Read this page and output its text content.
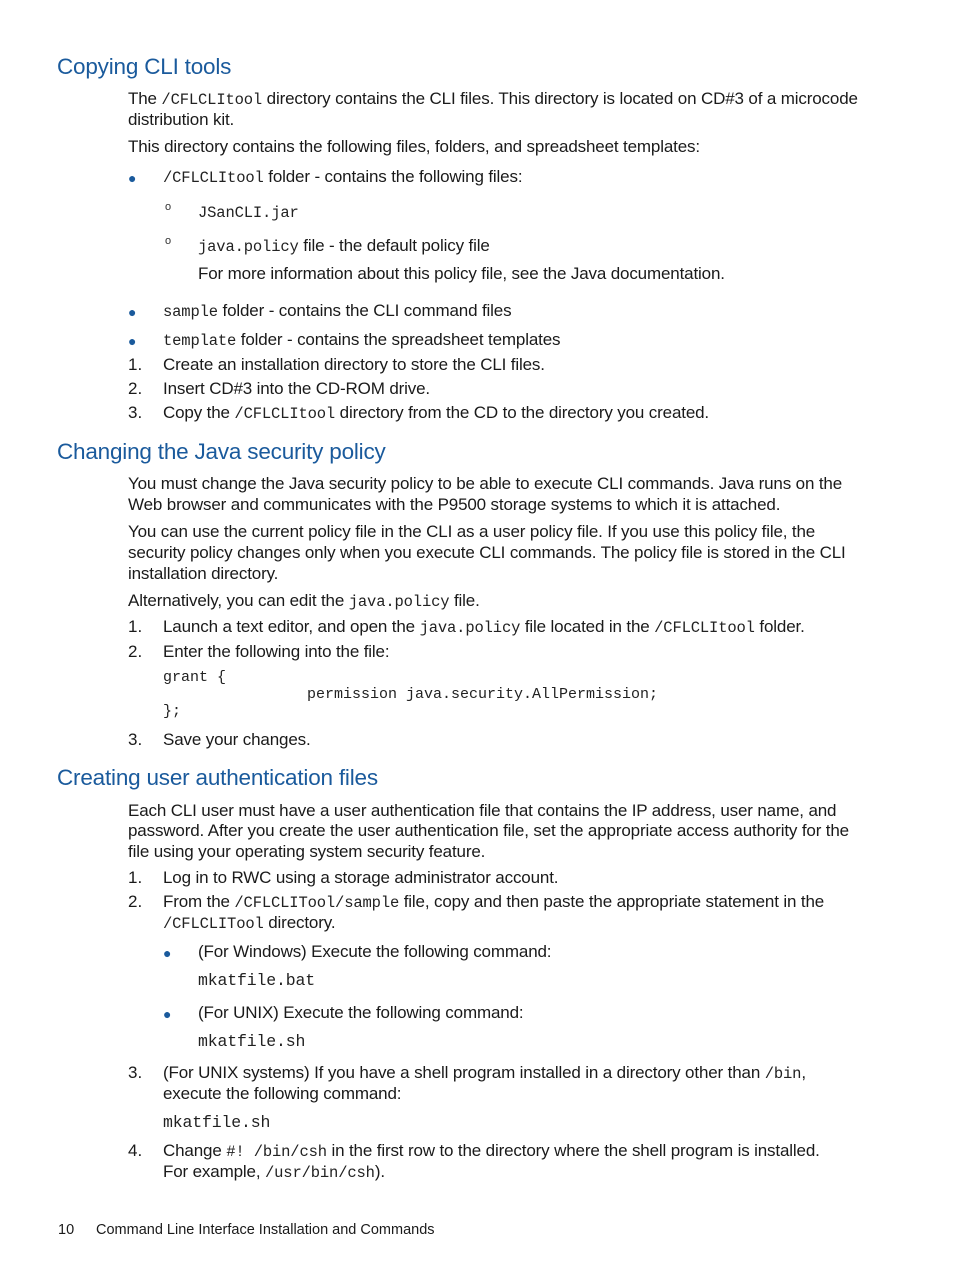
Copying CLI tools

The /CFLCLItool directory contains the CLI files. This directory is located on CD#3 of a microcode

distribution kit.

This directory contains the following files, folders, and spreadsheet templates:

● /CFLCLItool folder - contains the following files:

o JSanCLI.jar

o java.policy file - the default policy file

For more information about this policy file, see the Java documentation.

● sample folder - contains the CLI command files

● template folder - contains the spreadsheet templates

1. Create an installation directory to store the CLI files.

2. Insert CD#3 into the CD-ROM drive.

3. Copy the /CFLCLItool directory from the CD to the directory you created.

Changing the Java security policy

You must change the Java security policy to be able to execute CLI commands. Java runs on the

Web browser and communicates with the P9500 storage systems to which it is attached.

You can use the current policy file in the CLI as a user policy file. If you use this policy file, the

security policy changes only when you execute CLI commands. The policy file is stored in the CLI

installation directory.

Alternatively, you can edit the java.policy file.

1. Launch a text editor, and open the java.policy file located in the /CFLCLItool folder.

2. Enter the following into the file:

grant {
permission java.security.AllPermission;
};
3. Save your changes.

Creating user authentication files

Each CLI user must have a user authentication file that contains the IP address, user name, and

password. After you create the user authentication file, set the appropriate access authority for the

file using your operating system security feature.

1. Log in to RWC using a storage administrator account.

2. From the /CFLCLITool/sample file, copy and then paste the appropriate statement in the

/CFLCLITool directory.

● (For Windows) Execute the following command:

mkatfile.bat

● (For UNIX) Execute the following command:

mkatfile.sh

3. (For UNIX systems) If you have a shell program installed in a directory other than /bin,

execute the following command:

mkatfile.sh

4. Change #! /bin/csh in the first row to the directory where the shell program is installed.

For example, /usr/bin/csh).

10 Command Line Interface Installation and Commands
